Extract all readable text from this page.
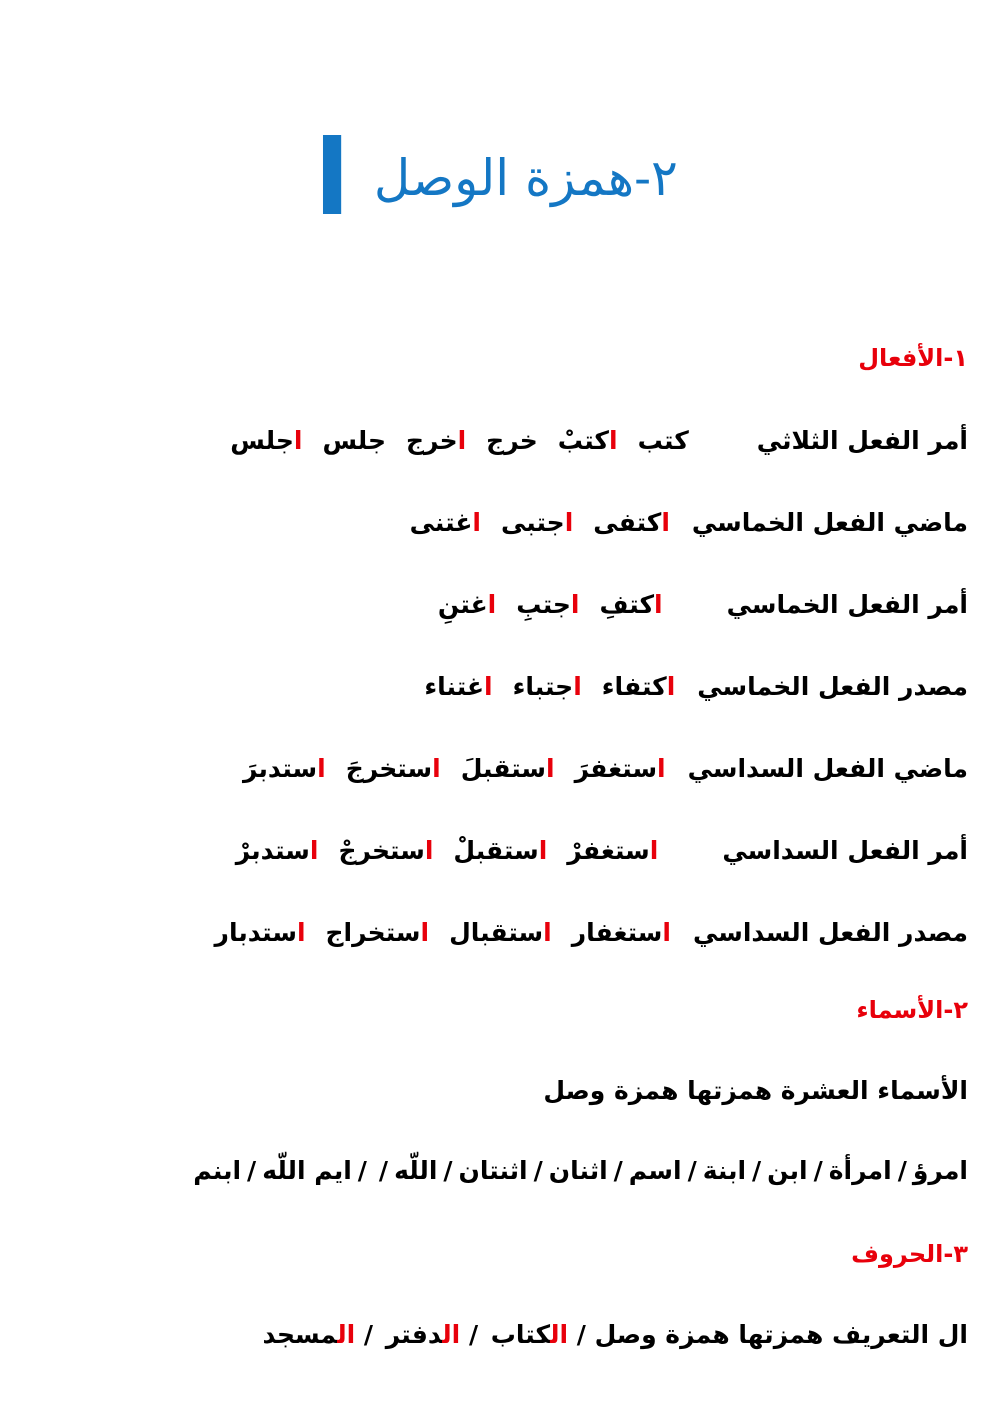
٢-همزة الوصل
ا
١-الأفعال
أمر الفعل الثلاثي
كتب
اكتبْ
خرج
اخرج
جلس
اجلس
ماضي الفعل الخماسي
اكتفى
اجتبى
اغتنى
أمر الفعل الخماسي
اكتفِ
اجتبِ
اغتنِ
مصدر الفعل الخماسي
اكتفاء
اجتباء
اغتناء
ماضي الفعل السداسي
استغفرَ
استقبلَ
استخرجَ
استدبرَ
أمر الفعل السداسي
استغفرْ
استقبلْ
استخرجْ
استدبرْ
مصدر الفعل السداسي
استغفار
استقبال
استخراج
استدبار
٢-الأسماء
الأسماء العشرة همزتها همزة وصل
امرؤ/امرأة/ابن/ابنة/اسم/اثنان/اثنتان/اللّه//ايم اللّه/ابنم
٣-الحروف
ال التعريف همزتها همزة وصل / الكتاب / الدفتر / المسجد
